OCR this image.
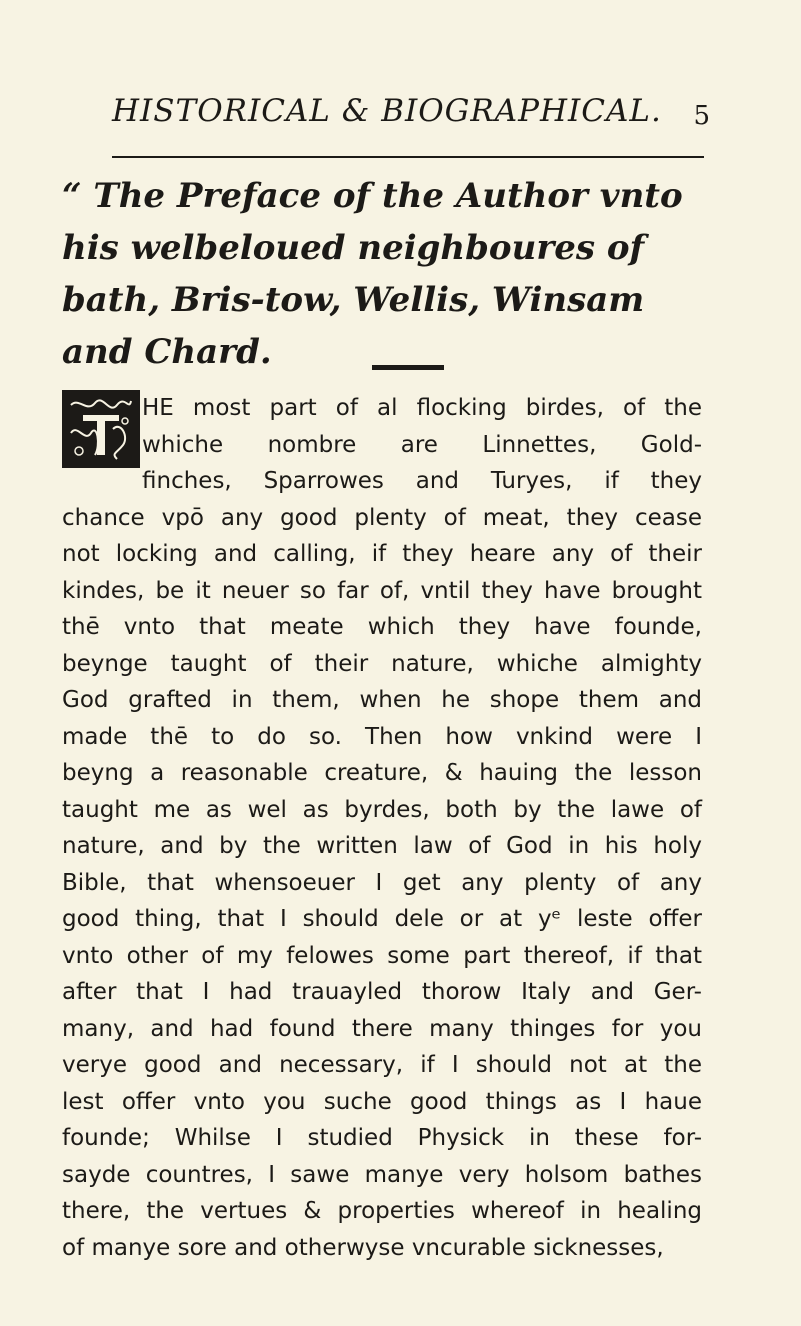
HISTORICAL & BIOGRAPHICAL. 5
“ The Preface of the Author vnto his welbeloued neighboures of bath, Bris-tow, Wellis, Winsam and Chard.
HE most part of al flocking birdes, of the
whiche nombre are Linnettes, Gold-
finches, Sparrowes and Turyes, if they
chance vpō any good plenty of meat, they cease
not locking and calling, if they heare any of their
kindes, be it neuer so far of, vntil they have brought
thē vnto that meate which they have founde,
beynge taught of their nature, whiche almighty
God grafted in them, when he shope them and
made thē to do so. Then how vnkind were I
beyng a reasonable creature, & hauing the lesson
taught me as wel as byrdes, both by the lawe of
nature, and by the written law of God in his holy
Bible, that whensoeuer I get any plenty of any
good thing, that I should dele or at yᵉ leste offer
vnto other of my felowes some part thereof, if that
after that I had trauayled thorow Italy and Ger-
many, and had found there many thinges for you
verye good and necessary, if I should not at the
lest offer vnto you suche good things as I haue
founde; Whilse I studied Physick in these for-
sayde countres, I sawe manye very holsom bathes
there, the vertues & properties whereof in healing
of manye sore and otherwyse vncurable sicknesses,
